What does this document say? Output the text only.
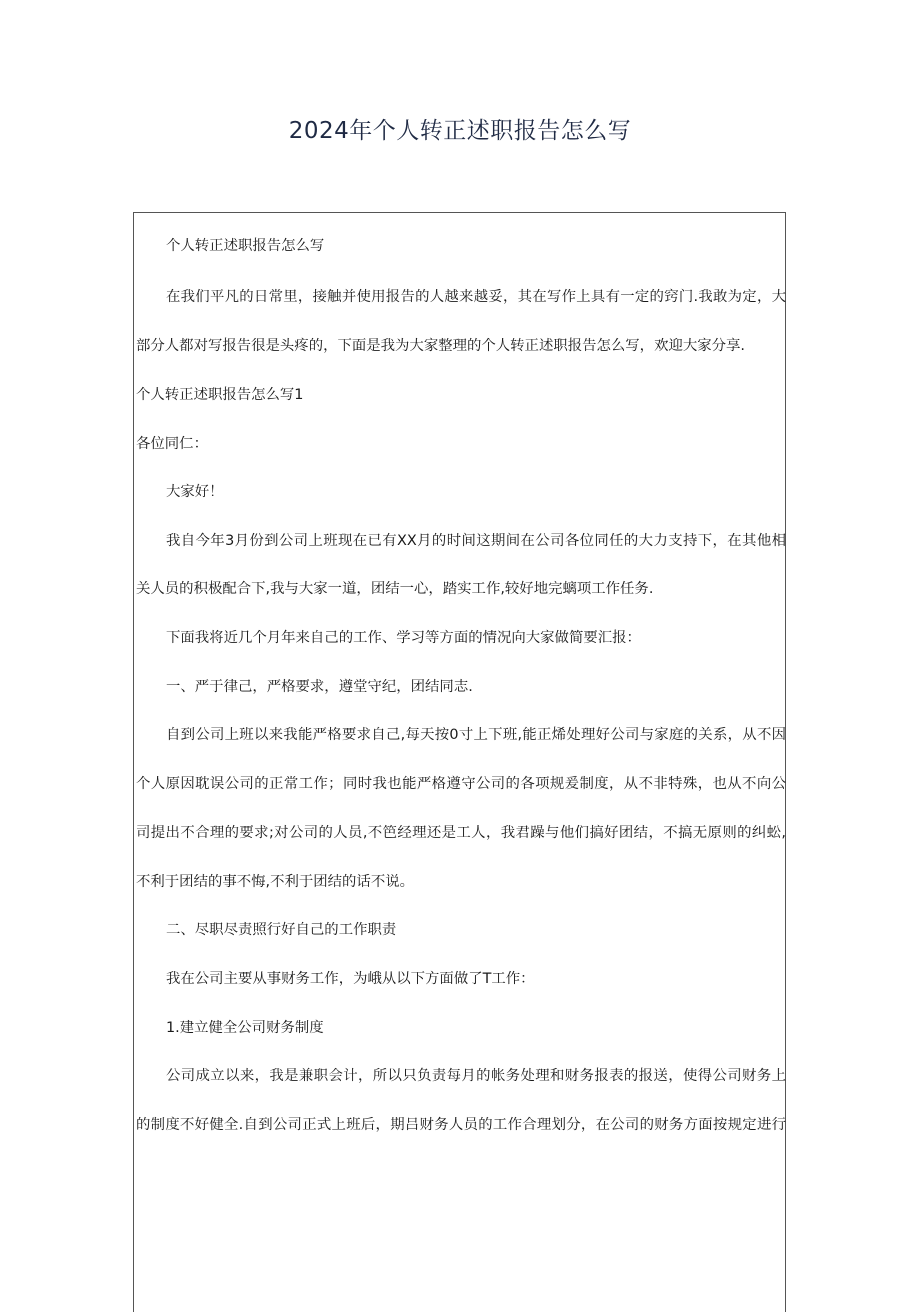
2024年个人转正述职报告怎么写
个人转正述职报告怎么写
在我们平凡的日常里，接触并使用报告的人越来越妥，其在写作上具有一定的窍门.我敢为定，大
部分人都对写报告很是头疼的，下面是我为大家整理的个人转正述职报告怎么写，欢迎大家分享.
个人转正述职报告怎么写1
各位同仁：
大家好！
我自今年3月份到公司上班现在已有XX月的时间这期间在公司各位同任的大力支持下，在其他相
关人员的积极配合下,我与大家一道，团结一心，踏实工作,较好地完螭项工作任务.
下面我将近几个月年来自己的工作、学习等方面的情况向大家做简要汇报：
一、严于律己，严格要求，遵堂守纪，团结同志.
自到公司上班以来我能严格要求自己,每天按0寸上下班,能正烯处理好公司与家庭的关系，从不因
个人原因耽误公司的正常工作；同时我也能严格遵守公司的各项规爰制度，从不非特殊，也从不向公
司提出不合理的要求;对公司的人员,不笆经理还是工人，我君躁与他们搞好团结，不搞无原则的纠蚣,
不利于团结的事不悔,不利于团结的话不说。
二、尽职尽责照行好自己的工作职责
我在公司主要从事财务工作，为峨从以下方面做了T工作：
1.建立健全公司财务制度
公司成立以来，我是兼职会计，所以只负责每月的帐务处理和财务报表的报送，使得公司财务上
的制度不好健全.自到公司正式上班后，期吕财务人员的工作合理划分，在公司的财务方面按规定进行
